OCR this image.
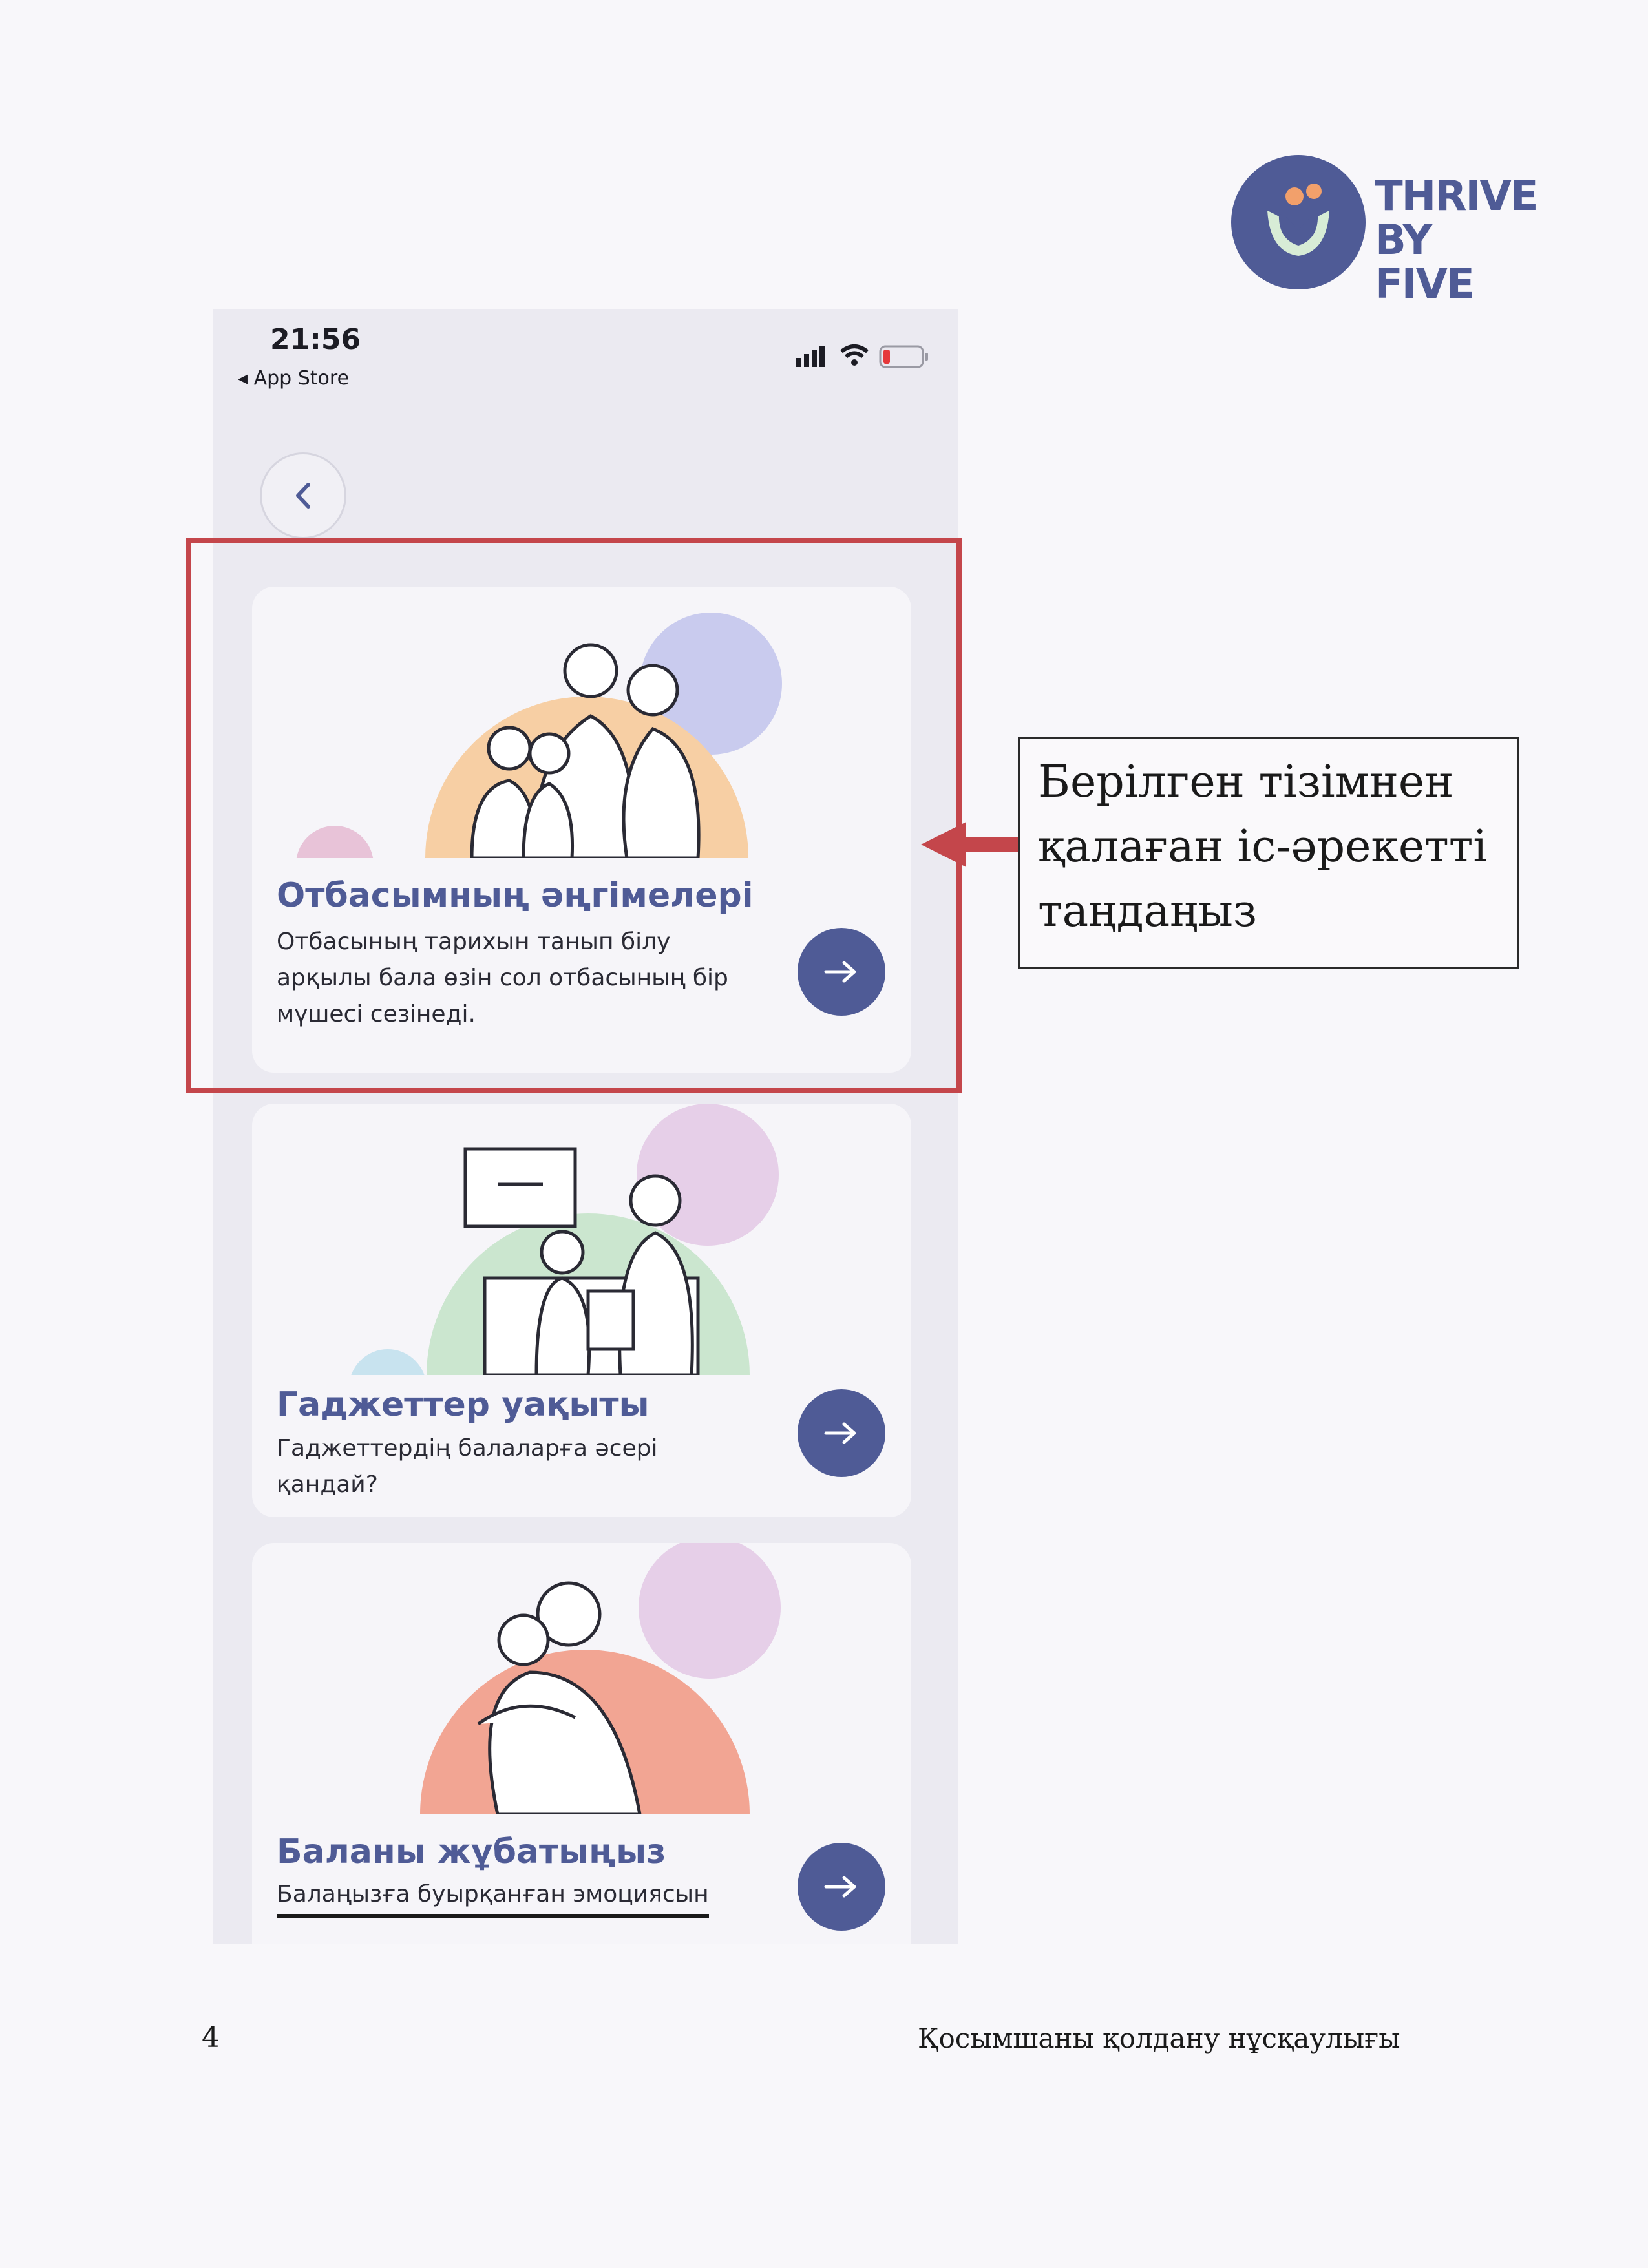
THRIVE
BY FIVE
21:56
◂ App Store
Отбасымның әңгімелері
Отбасының тарихын танып білу арқылы бала өзін сол отбасының бір мүшесі сезінеді.
Гаджеттер уақыты
Гаджеттердің балаларға әсері қандай?
Баланы жұбатыңыз
Балаңызға буырқанған эмоциясын
Берілген тізімнен қалаған іс-әрекетті таңдаңыз
4	Қосымшаны қолдану нұсқаулығы
